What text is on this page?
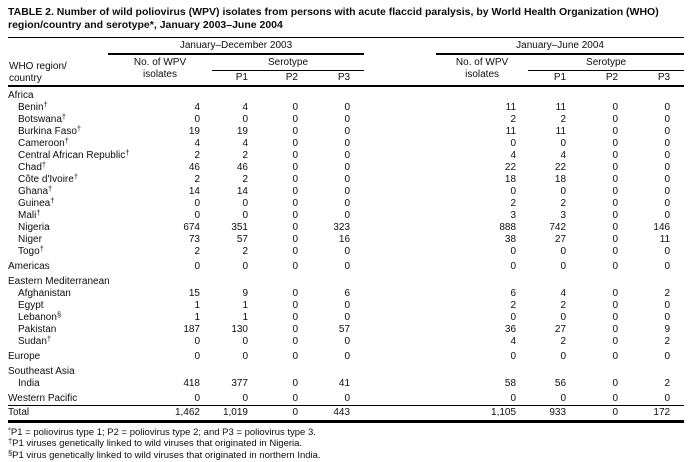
TABLE 2. Number of wild poliovirus (WPV) isolates from persons with acute flaccid paralysis, by World Health Organization (WHO) region/country and serotype*, January 2003–June 2004
	January–December 2003					January–June 2004			
WHO region/
country	No. of WPV
isolates	Serotype				No. of WPV
isolates	Serotype		
		P1	P2	P3			P1	P2	P3
Africa									
Benin†	4	4	0	0		11	11	0	0
Botswana†	0	0	0	0		2	2	0	0
Burkina Faso†	19	19	0	0		11	11	0	0
Cameroon†	4	4	0	0		0	0	0	0
Central African Republic†	2	2	0	0		4	4	0	0
Chad†	46	46	0	0		22	22	0	0
Côte d'Ivoire†	2	2	0	0		18	18	0	0
Ghana†	14	14	0	0		0	0	0	0
Guinea†	0	0	0	0		2	2	0	0
Mali†	0	0	0	0		3	3	0	0
Nigeria	674	351	0	323		888	742	0	146
Niger	73	57	0	16		38	27	0	11
Togo†	2	2	0	0		0	0	0	0
Americas	0	0	0	0		0	0	0	0
Eastern Mediterranean									
Afghanistan	15	9	0	6		6	4	0	2
Egypt	1	1	0	0		2	2	0	0
Lebanon§	1	1	0	0		0	0	0	0
Pakistan	187	130	0	57		36	27	0	9
Sudan†	0	0	0	0		4	2	0	2
Europe	0	0	0	0		0	0	0	0
Southeast Asia									
India	418	377	0	41		58	56	0	2
Western Pacific	0	0	0	0		0	0	0	0
Total	1,462	1,019	0	443		1,105	933	0	172
*P1 = poliovirus type 1; P2 = poliovirus type 2; and P3 = poliovirus type 3.
†P1 viruses genetically linked to wild viruses that originated in Nigeria.
§P1 virus genetically linked to wild viruses that originated in northern India.
